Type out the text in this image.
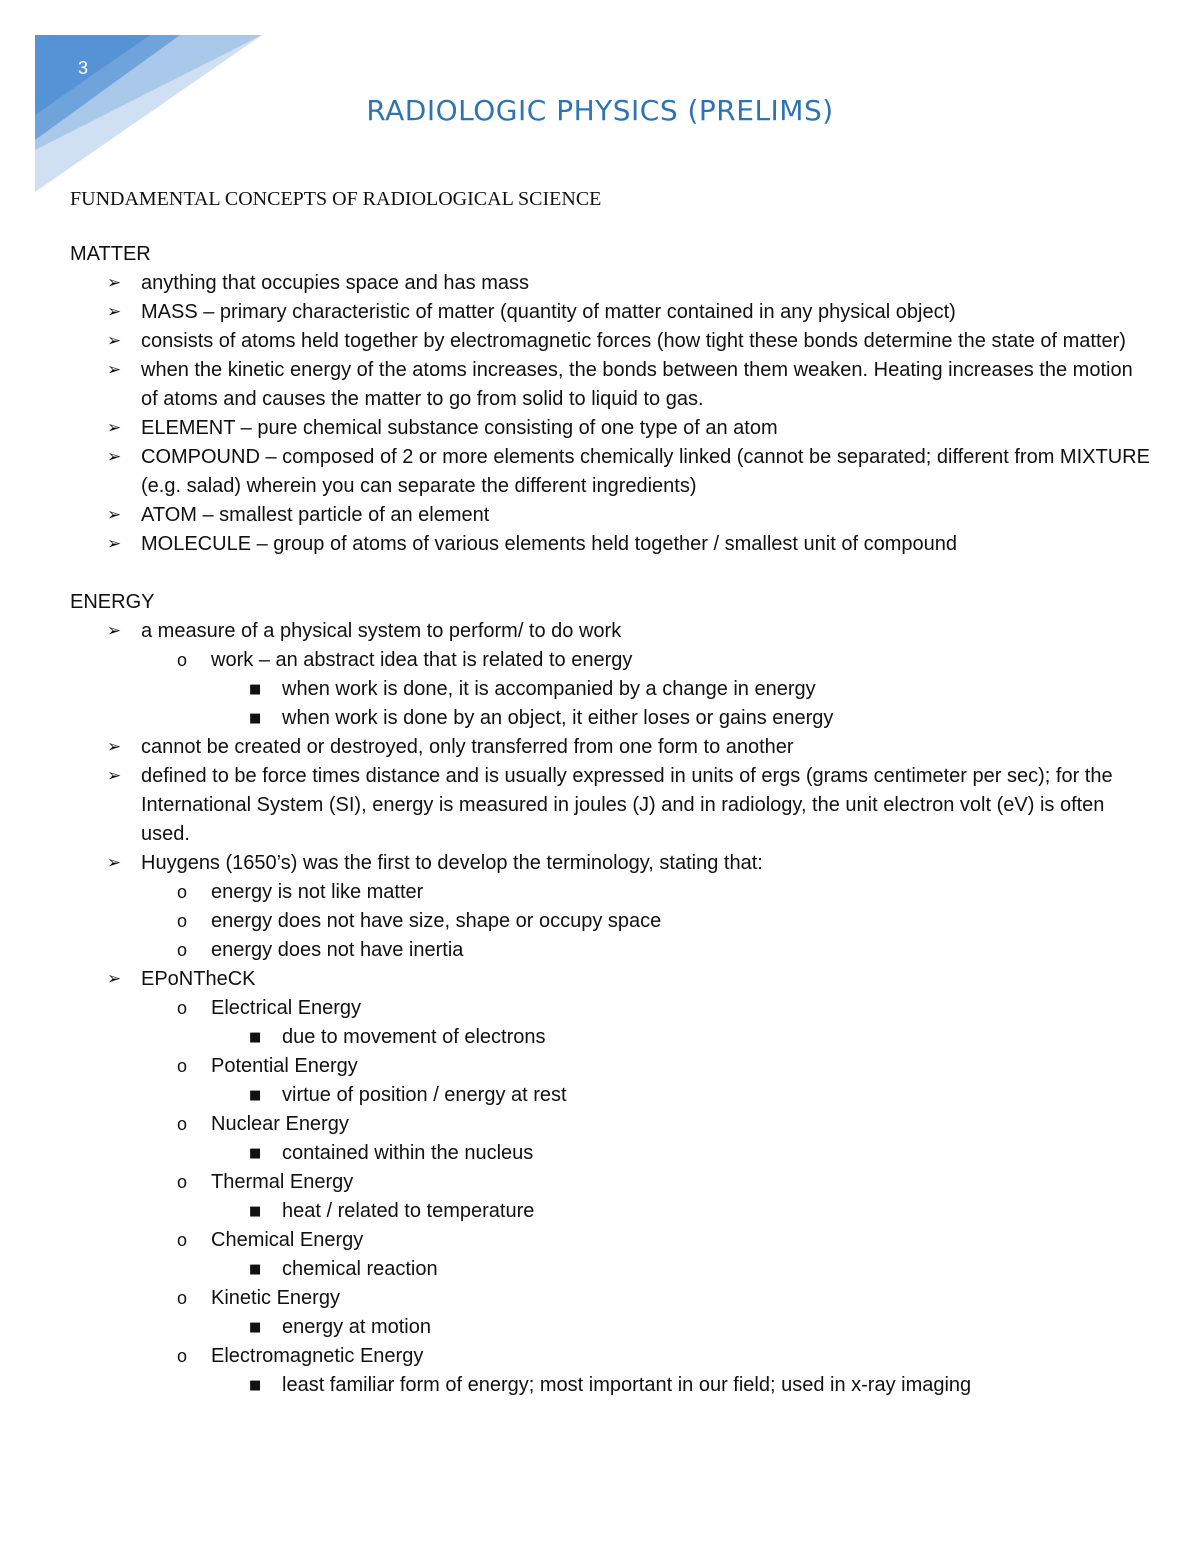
3
RADIOLOGIC PHYSICS (PRELIMS)
FUNDAMENTAL CONCEPTS OF RADIOLOGICAL SCIENCE
MATTER
➢ anything that occupies space and has mass
➢ MASS – primary characteristic of matter (quantity of matter contained in any physical object)
➢ consists of atoms held together by electromagnetic forces (how tight these bonds determine the state of matter)
➢ when the kinetic energy of the atoms increases, the bonds between them weaken. Heating increases the motion of atoms and causes the matter to go from solid to liquid to gas.
➢ ELEMENT – pure chemical substance consisting of one type of an atom
➢ COMPOUND – composed of 2 or more elements chemically linked (cannot be separated; different from MIXTURE (e.g. salad) wherein you can separate the different ingredients)
➢ ATOM – smallest particle of an element
➢ MOLECULE – group of atoms of various elements held together / smallest unit of compound
ENERGY
➢ a measure of a physical system to perform/ to do work
o work – an abstract idea that is related to energy
■ when work is done, it is accompanied by a change in energy
■ when work is done by an object, it either loses or gains energy
➢ cannot be created or destroyed, only transferred from one form to another
➢ defined to be force times distance and is usually expressed in units of ergs (grams centimeter per sec); for the International System (SI), energy is measured in joules (J) and in radiology, the unit electron volt (eV) is often used.
➢ Huygens (1650’s) was the first to develop the terminology, stating that:
o energy is not like matter
o energy does not have size, shape or occupy space
o energy does not have inertia
➢ EPoNTheCK
o Electrical Energy
■ due to movement of electrons
o Potential Energy
■ virtue of position / energy at rest
o Nuclear Energy
■ contained within the nucleus
o Thermal Energy
■ heat / related to temperature
o Chemical Energy
■ chemical reaction
o Kinetic Energy
■ energy at motion
o Electromagnetic Energy
■ least familiar form of energy; most important in our field; used in x-ray imaging
